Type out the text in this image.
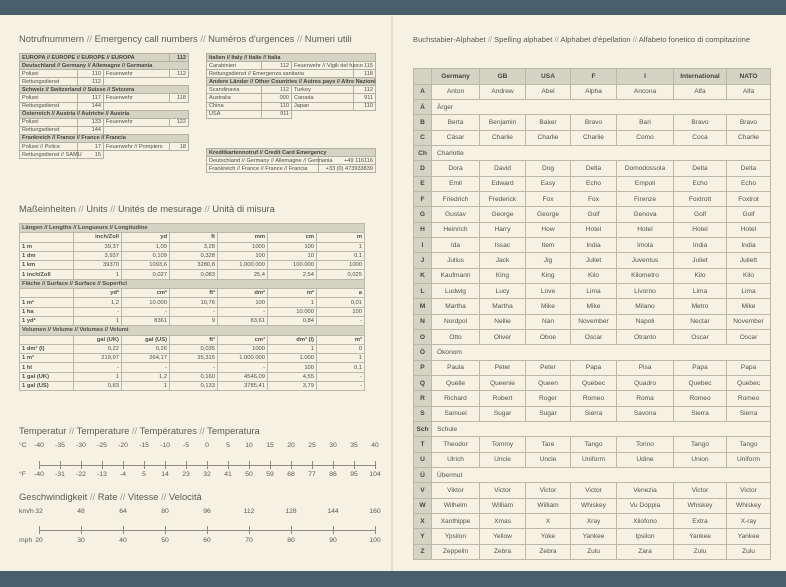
Notrufnummern // Emergency call numbers // Numéros d'urgences // Numeri utili
EUROPA // EUROPE // EUROPE // EUROPA			112
Deutschland // Germany // Allemagne // Germania			
Polizei	110	Feuerwehr	112
Rettungsdienst	112		
Schweiz // Switzerland // Suisse // Svizzera			
Polizei	117	Feuerwehr	118
Rettungsdienst	144		
Österreich // Austria // Autriche // Austria			
Polizei	133	Feuerwehr	122
Rettungsdienst	144		
Frankreich // France // France // Francia			
Polizei // Police	17	Feuerwehr // Pompiers	18
Rettungsdienst // SAMU	15		
Italien // Italy // Italie // Italia			
Carabinieri	112	Feuerwehr // Vigili del fuoco	115
Rettungsdienst // Emergenza sanitaria			118
Andere Länder // Other Countries // Autres pays // Altre Nazioni			
Scandinavia	112	Turkey	112
Australia	000	Canada	911
China	110	Japan	110
USA	911		
Kreditkartennotruf // Credit Card Emergency	
Deutschland // Germany // Allemagne // Germania	+49 116116
Frankreich // France // France // Francia	+33 (0) 473933839
Maßeinheiten // Units // Unités de mesurage // Unità di misura
Längen // Lengths // Longueurs // Longitudine						
	inch/Zoll	yd	ft	mm	cm	m
1 m	39,37	1,09	3,28	1000	100	1
1 dm	3,937	0,109	0,328	100	10	0,1
1 km	39370	1093,6	3280,8	1.000.000	100.000	1000
1 inch/Zoll	1	0,027	0,083	25,4	2,54	0,025
Fläche // Surface // Surface // Superfici						
	yd²	cm²	ft²	dm²	m²	a
1 m²	1,2	10.000	10,76	100	1	0,01
1 ha	-	-	-	-	10.000	100
1 yd²	1	8361	9	83,61	0,84	-
Volumen // Volume // Volumes // Volumi						
	gal (UK)	gal (US)	ft³	cm³	dm³ (l)	m³
1 dm³ (l)	0,22	0,26	0,035	1000	1	0
1 m³	219,97	264,17	35,315	1.000.000	1.000	1
1 hl	-	-	-	-	100	0,1
1 gal (UK)	1	1,2	0,160	4546,09	4,55	-
1 gal (US)	0,83	1	0,133	3785,41	3,79	-
Temperatur // Temperature // Températures // Temperatura
°C
°F
-40
-40
-35
-31
-30
-22
-25
-13
-20
-4
-15
5
-10
14
-5
23
0
32
5
41
10
50
15
59
20
68
25
77
30
86
35
95
40
104
Geschwindigkeit // Rate // Vitesse // Velocità
km/h
mph
32
20
48
30
64
40
80
50
96
60
112
70
128
80
144
90
160
100
Buchstabier-Alphabet // Spelling alphabet // Alphabet d'épellation // Alfabeto fonetico di compitazione
	Germany	GB	USA	F	I	International	NATO
A	Anton	Andrew	Abel	Alpha	Ancona	Alfa	Alfa
Ä	Ärger						
B	Berta	Benjamin	Baker	Bravo	Bari	Bravo	Bravo
C	Cäsar	Charlie	Charlie	Charlie	Como	Coca	Charlie
Ch	Charlotte						
D	Dora	David	Dog	Delta	Domodossola	Delta	Delta
E	Emil	Edward	Easy	Echo	Empoli	Echo	Echo
F	Friedrich	Frederick	Fox	Fox	Firenze	Foxtrott	Foxtrot
G	Gustav	George	George	Golf	Genova	Golf	Golf
H	Heinrich	Harry	How	Hotel	Hotel	Hotel	Hotel
I	Ida	Issac	Item	India	Imola	India	India
J	Julius	Jack	Jig	Juliet	Juventus	Juliet	Juliett
K	Kaufmann	King	King	Kilo	Kilometro	Kilo	Kilo
L	Ludwig	Lucy	Love	Lima	Livorno	Lima	Lima
M	Martha	Martha	Mike	Mike	Milano	Metro	Mike
N	Nordpol	Nellie	Nan	November	Napoli	Nectar	November
O	Otto	Oliver	Oboe	Oscar	Otranto	Oscar	Oscar
Ö	Ökonom						
P	Paula	Peter	Peter	Papa	Pisa	Papa	Papa
Q	Quelle	Queenie	Queen	Quebec	Quadro	Quebec	Quebec
R	Richard	Robert	Roger	Romeo	Roma	Romeo	Romeo
S	Samuel	Sugar	Sugar	Sierra	Savona	Sierra	Sierra
Sch	Schule						
T	Theodor	Tommy	Tare	Tango	Torino	Tango	Tango
U	Ulrich	Uncle	Uncle	Uniform	Udine	Union	Uniform
Ü	Übermut						
V	Viktor	Victor	Victor	Victor	Venezia	Victor	Victor
W	Wilhelm	William	William	Whiskey	Vu Doppia	Whiskey	Whiskey
X	Xanthippe	Xmas	X	Xray	Xilofono	Extra	X-ray
Y	Ypsilon	Yellow	Yoke	Yankee	Ipsilon	Yankee	Yankee
Z	Zeppelin	Zebra	Zebra	Zulu	Zara	Zulu	Zulu
